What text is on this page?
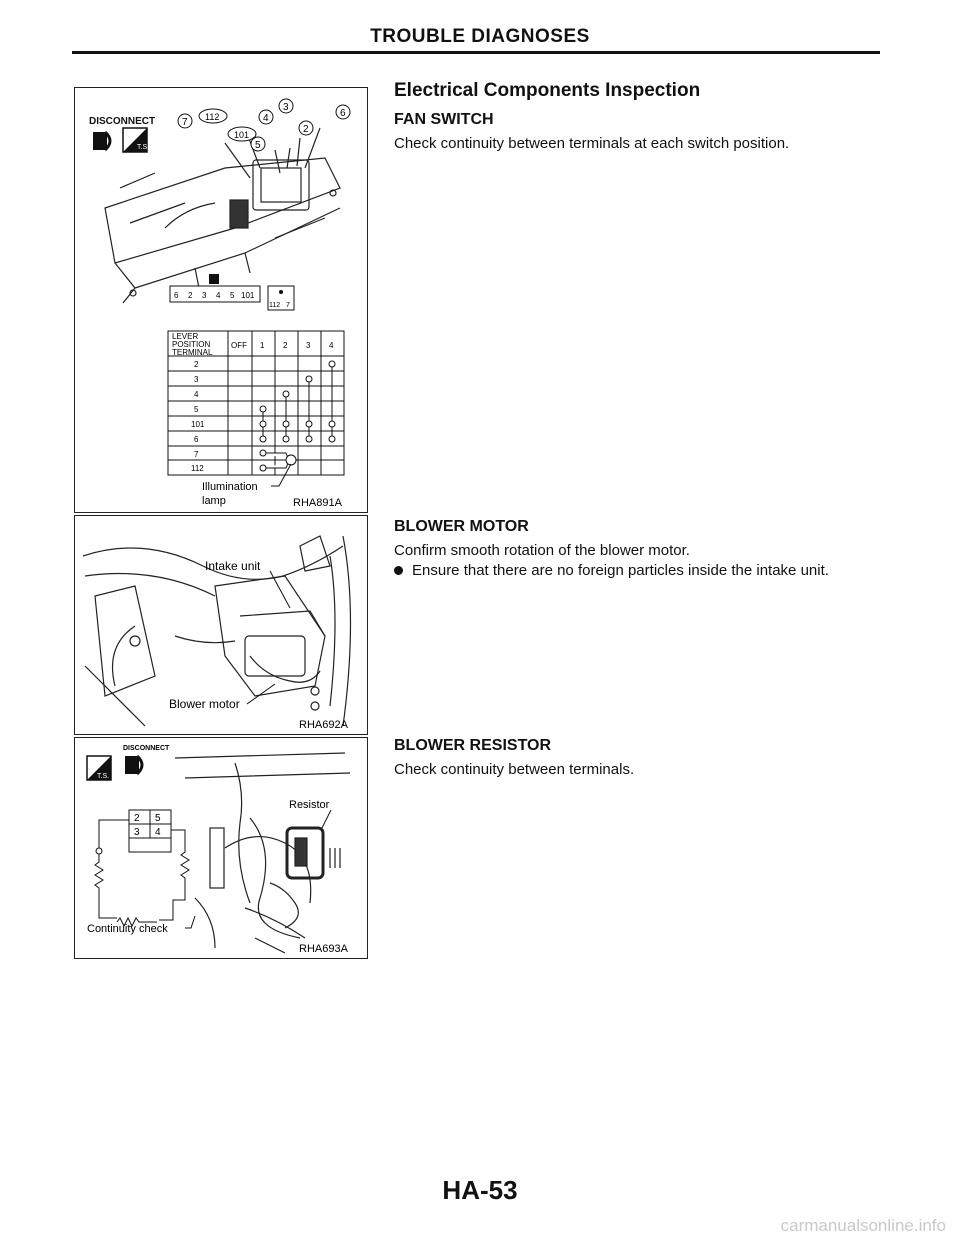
TROUBLE DIAGNOSES
DISCONNECT
T.S.
7 112
101
4
3
5
2
6
6 2 3 4 5 101
112 7
LEVER
POSITION
TERMINAL
OFF 1 2 3 4
2
3
4
5
101
6
7
112
Illumination
lamp	RHA891A
Intake unit
Blower motor
RHA692A
T.S.
DISCONNECT
2 5
3 4
Resistor
Continuity check
RHA693A
Electrical Components Inspection
FAN SWITCH
Check continuity between terminals at each switch position.
BLOWER MOTOR
Confirm smooth rotation of the blower motor.
Ensure that there are no foreign particles inside the intake unit.
BLOWER RESISTOR
Check continuity between terminals.
HA-53
carmanualsonline.info
